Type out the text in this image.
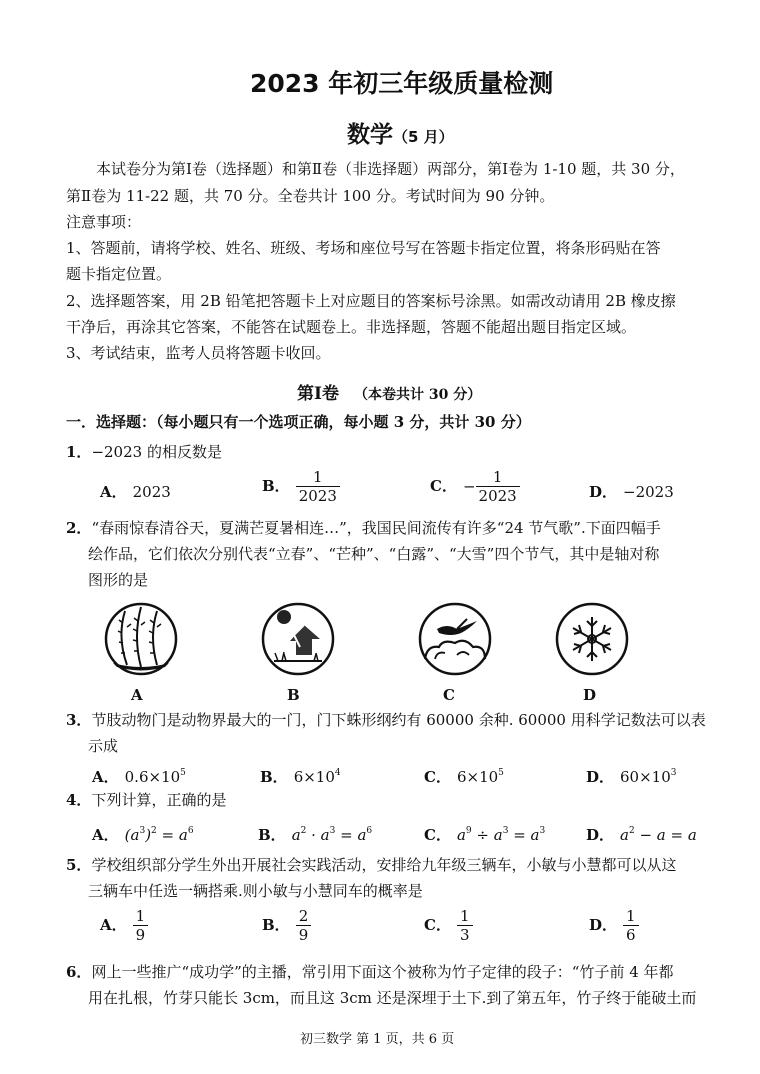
2023 年初三年级质量检测
数学（5 月）
本试卷分为第Ⅰ卷（选择题）和第Ⅱ卷（非选择题）两部分，第Ⅰ卷为 1-10 题，共 30 分，
第Ⅱ卷为 11-22 题，共 70 分。全卷共计 100 分。考试时间为 90 分钟。
注意事项：
1、答题前，请将学校、姓名、班级、考场和座位号写在答题卡指定位置，将条形码贴在答
题卡指定位置。
2、选择题答案，用 2B 铅笔把答题卡上对应题目的答案标号涂黑。如需改动请用 2B 橡皮擦
干净后，再涂其它答案，不能答在试题卷上。非选择题，答题不能超出题目指定区域。
3、考试结束，监考人员将答题卡收回。
第Ⅰ卷 （本卷共计 30 分）
一．选择题：（每小题只有一个选项正确，每小题 3 分，共计 30 分）
1．−2023 的相反数是
A． 2023	B． $\frac{1}{2023}$	C． − $\frac{1}{2023}$	D． −2023
2．“春雨惊春清谷天，夏满芒夏暑相连…”，我国民间流传有许多“24 节气歌”.下面四幅手
绘作品，它们依次分别代表“立春”、“芒种”、“白露”、“大雪”四个节气，其中是轴对称
图形的是
A	B	C	D
3．节肢动物门是动物界最大的一门，门下蛛形纲约有 60000 余种. 60000 用科学记数法可以表
示成
A． $0.6\times 10^5$	B． $6\times 10^4$	C． $6\times 10^5$	D． $60\times 10^3$
4．下列计算，正确的是
A． $(a^3)^2 = a^6$	B． $a^2 \cdot a^3 = a^6$	C． $a^9 \div a^3 = a^3$	D． $a^2 - a = a$
5．学校组织部分学生外出开展社会实践活动，安排给九年级三辆车，小敏与小慧都可以从这
三辆车中任选一辆搭乘.则小敏与小慧同车的概率是
A． $\frac{1}{9}$	B． $\frac{2}{9}$	C． $\frac{1}{3}$	D． $\frac{1}{6}$
6．网上一些推广“成功学”的主播，常引用下面这个被称为竹子定律的段子：“竹子前 4 年都
用在扎根，竹芽只能长 3cm，而且这 3cm 还是深埋于土下.到了第五年，竹子终于能破土而
初三数学 第 1 页，共 6 页
